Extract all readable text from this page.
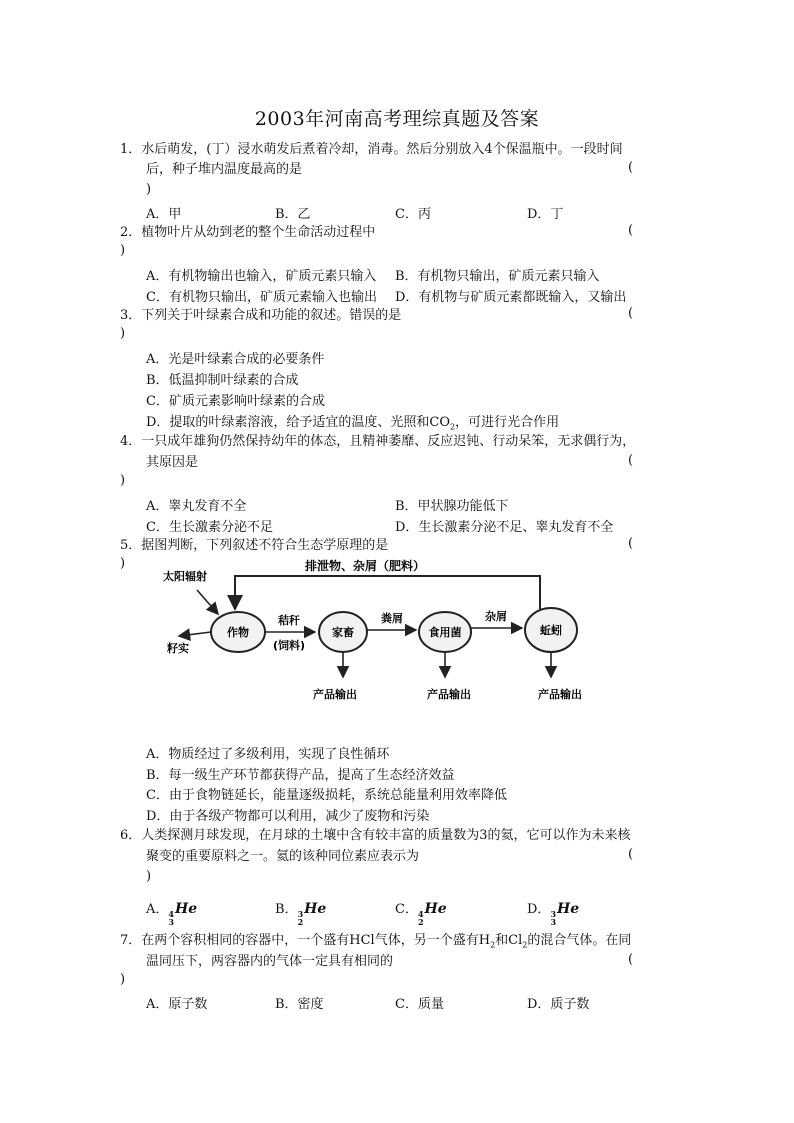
2003年河南高考理综真题及答案
1．水后萌发，(丁）浸水萌发后煮着冷却，消毒。然后分别放入4个保温瓶中。一段时间
后，种子堆内温度最高的是	(
)
A．甲	B．乙	C．丙	D．丁
2．植物叶片从幼到老的整个生命活动过程中	(
)
A．有机物输出也输入，矿质元素只输入 B．有机物只输出，矿质元素只输入
C．有机物只输出，矿质元素输入也输出 D．有机物与矿质元素都既输入，又输出
3．下列关于叶绿素合成和功能的叙述。错误的是	(
)
A．光是叶绿素合成的必要条件
B．低温抑制叶绿素的合成
C．矿质元素影响叶绿素的合成
D．提取的叶绿素溶液，给予适宜的温度、光照和$CO_2$，可进行光合作用
4．一只成年雄狗仍然保持幼年的体态，且精神萎靡、反应迟钝、行动呆笨，无求偶行为，
其原因是	(
)
A．睾丸发育不全	B．甲状腺功能低下
C．生长激素分泌不足	D．生长激素分泌不足、睾丸发育不全
5．据图判断，下列叙述不符合生态学原理的是	(
)	排泄物、杂屑（肥料）
太阳辐射
作物	家畜	食用菌	蚯蚓
籽实
秸秆
(饲料)
粪屑	杂屑
产品输出	产品输出	产品输出
A．物质经过了多级利用，实现了良性循环
B．每一级生产环节都获得产品，提高了生态经济效益
C．由于食物链延长，能量逐级损耗，系统总能量利用效率降低
D．由于各级产物都可以利用，减少了废物和污染
6．人类探测月球发现，在月球的土壤中含有较丰富的质量数为3的氦，它可以作为未来核
聚变的重要原料之一。氦的该种同位素应表示为	(
)
A． 4
3
He	B． 3
2
He	C． 4
2
He	D． 3
3
He
7．在两个容积相同的容器中，一个盛有HCl气体，另一个盛有$H_2$和$Cl_2$的混合气体。在同
温同压下，两容器内的气体一定具有相同的	(
)
A．原子数	B．密度	C．质量	D．质子数
